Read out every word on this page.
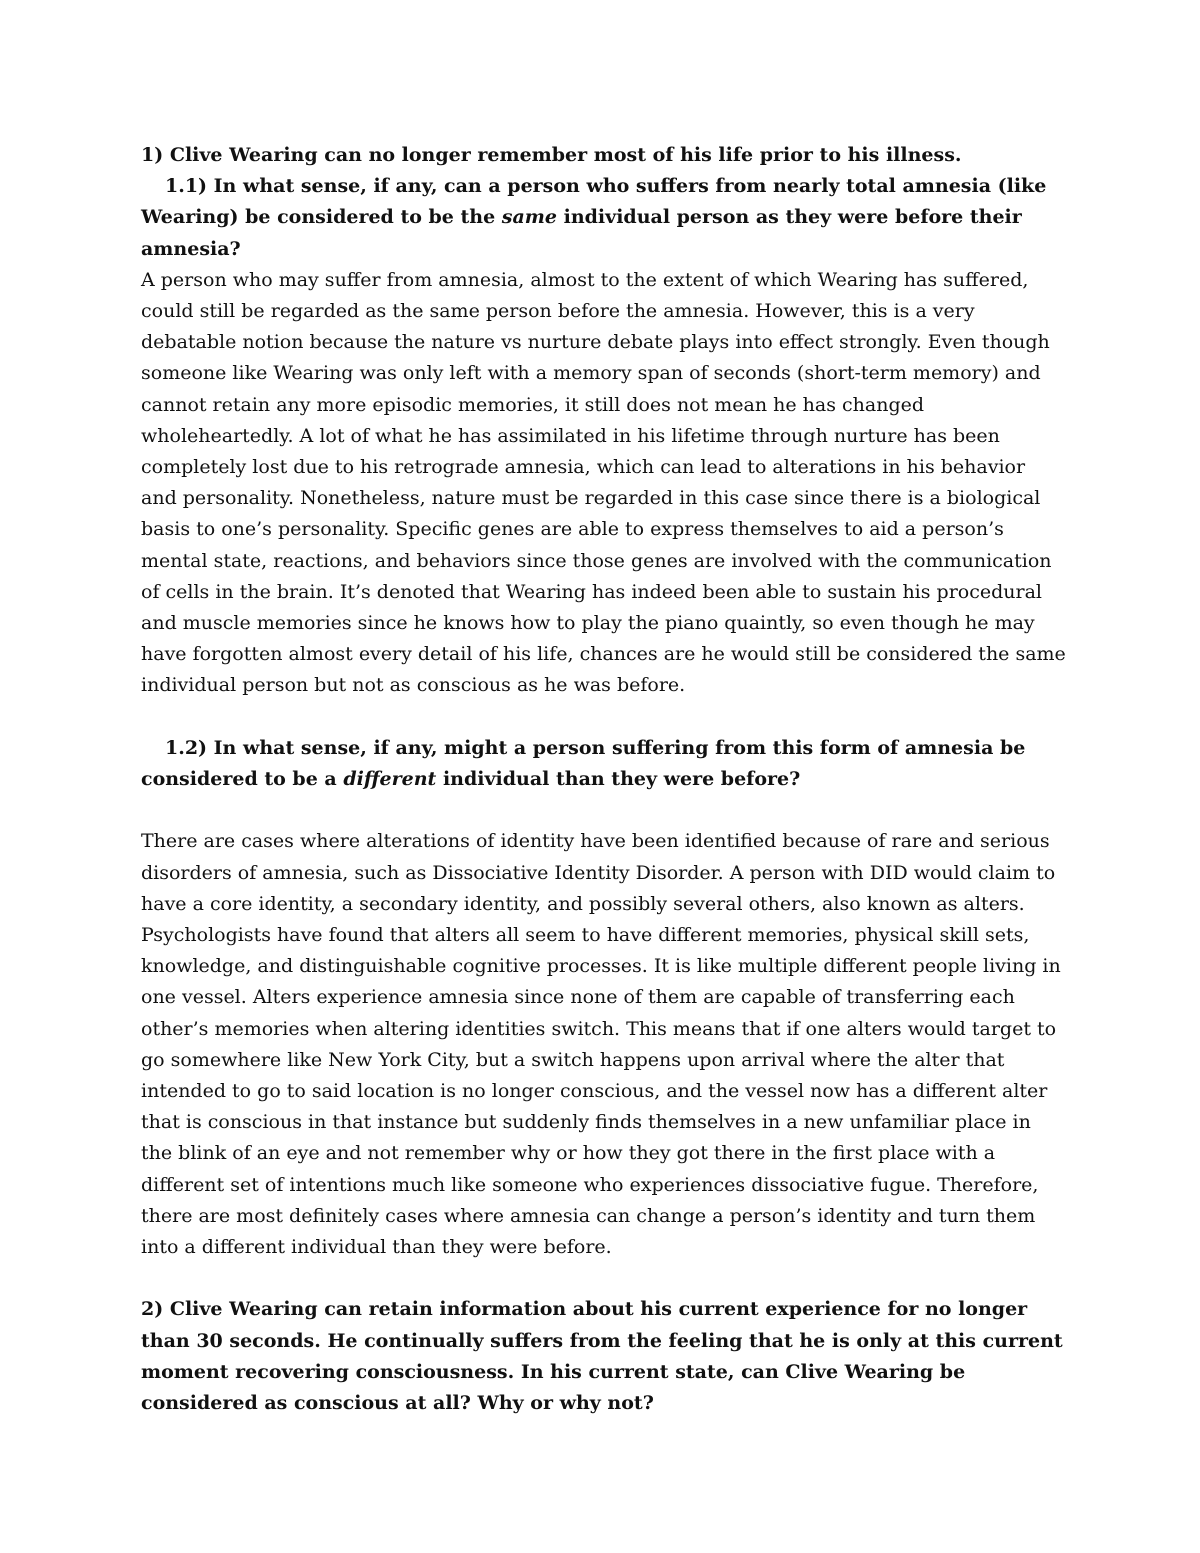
1) Clive Wearing can no longer remember most of his life prior to his illness.

1.1) In what sense, if any, can a person who suffers from nearly total amnesia (like Wearing) be considered to be the same individual person as they were before their amnesia?

A person who may suffer from amnesia, almost to the extent of which Wearing has suffered, could still be regarded as the same person before the amnesia. However, this is a very debatable notion because the nature vs nurture debate plays into effect strongly. Even though someone like Wearing was only left with a memory span of seconds (short-term memory) and cannot retain any more episodic memories, it still does not mean he has changed wholeheartedly. A lot of what he has assimilated in his lifetime through nurture has been completely lost due to his retrograde amnesia, which can lead to alterations in his behavior and personality. Nonetheless, nature must be regarded in this case since there is a biological basis to one’s personality. Specific genes are able to express themselves to aid a person’s mental state, reactions, and behaviors since those genes are involved with the communication of cells in the brain. It’s denoted that Wearing has indeed been able to sustain his procedural and muscle memories since he knows how to play the piano quaintly, so even though he may have forgotten almost every detail of his life, chances are he would still be considered the same individual person but not as conscious as he was before.

1.2) In what sense, if any, might a person suffering from this form of amnesia be considered to be a different individual than they were before?

There are cases where alterations of identity have been identified because of rare and serious disorders of amnesia, such as Dissociative Identity Disorder. A person with DID would claim to have a core identity, a secondary identity, and possibly several others, also known as alters. Psychologists have found that alters all seem to have different memories, physical skill sets, knowledge, and distinguishable cognitive processes. It is like multiple different people living in one vessel. Alters experience amnesia since none of them are capable of transferring each other’s memories when altering identities switch. This means that if one alters would target to go somewhere like New York City, but a switch happens upon arrival where the alter that intended to go to said location is no longer conscious, and the vessel now has a different alter that is conscious in that instance but suddenly finds themselves in a new unfamiliar place in the blink of an eye and not remember why or how they got there in the first place with a different set of intentions much like someone who experiences dissociative fugue. Therefore, there are most definitely cases where amnesia can change a person’s identity and turn them into a different individual than they were before.

2) Clive Wearing can retain information about his current experience for no longer than 30 seconds. He continually suffers from the feeling that he is only at this current moment recovering consciousness. In his current state, can Clive Wearing be considered as conscious at all? Why or why not?
